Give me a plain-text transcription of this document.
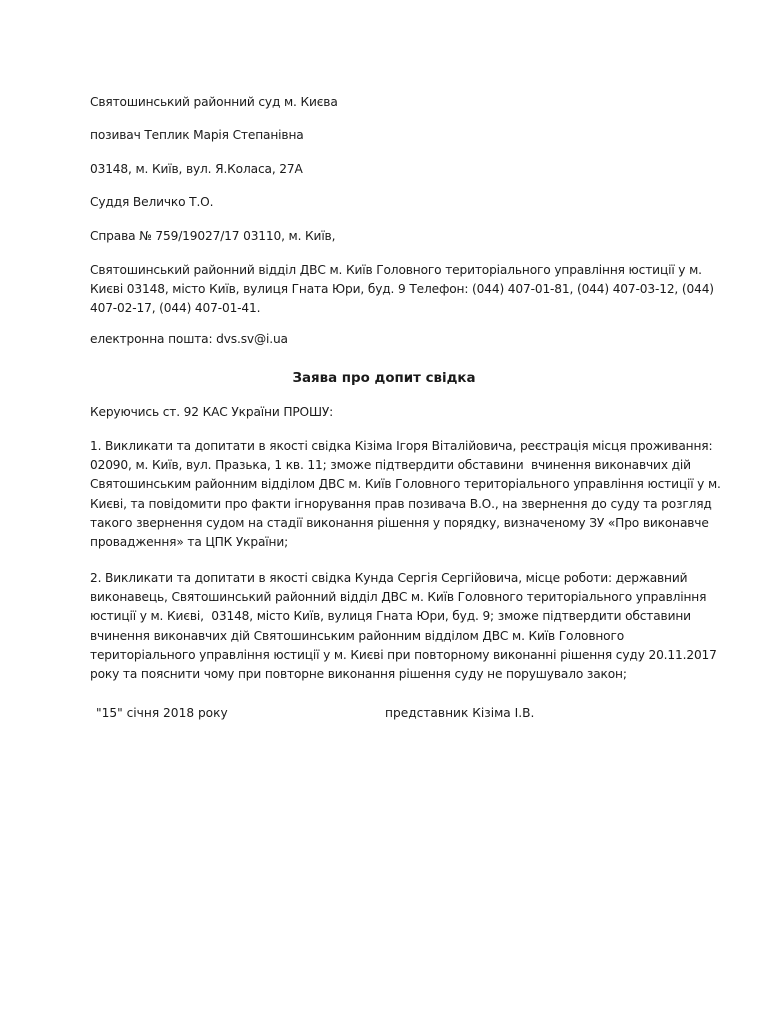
Святошинський районний суд м. Києва
позивач Теплик Марія Степанівна
03148, м. Київ, вул. Я.Коласа, 27А
Суддя Величко Т.О.
Справа № 759/19027/17 03110, м. Київ,
Святошинський районний відділ ДВС м. Київ Головного територіального управління юстиції у м.
Києві 03148, місто Київ, вулиця Гната Юри, буд. 9 Телефон: (044) 407-01-81, (044) 407-03-12, (044)
407-02-17, (044) 407-01-41.
електронна пошта: dvs.sv@i.ua
Заява про допит свідка
Керуючись ст. 92 КАС України ПРОШУ:
1. Викликати та допитати в якості свідка Кізіма Ігоря Віталійовича, реєстрація місця проживання:
02090, м. Київ, вул. Празька, 1 кв. 11; зможе підтвердити обставини  вчинення виконавчих дій
Святошинським районним відділом ДВС м. Київ Головного територіального управління юстиції у м.
Києві, та повідомити про факти ігнорування прав позивача В.О., на звернення до суду та розгляд
такого звернення судом на стадії виконання рішення у порядку, визначеному ЗУ «Про виконавче
провадження» та ЦПК України;
2. Викликати та допитати в якості свідка Кунда Сергія Сергійовича, місце роботи: державний
виконавець, Святошинський районний відділ ДВС м. Київ Головного територіального управління
юстиції у м. Києві,  03148, місто Київ, вулиця Гната Юри, буд. 9; зможе підтвердити обставини
вчинення виконавчих дій Святошинським районним відділом ДВС м. Київ Головного
територіального управління юстиції у м. Києві при повторному виконанні рішення суду 20.11.2017
року та пояснити чому при повторне виконання рішення суду не порушувало закон;
"15" січня 2018 року	представник Кізіма І.В.
